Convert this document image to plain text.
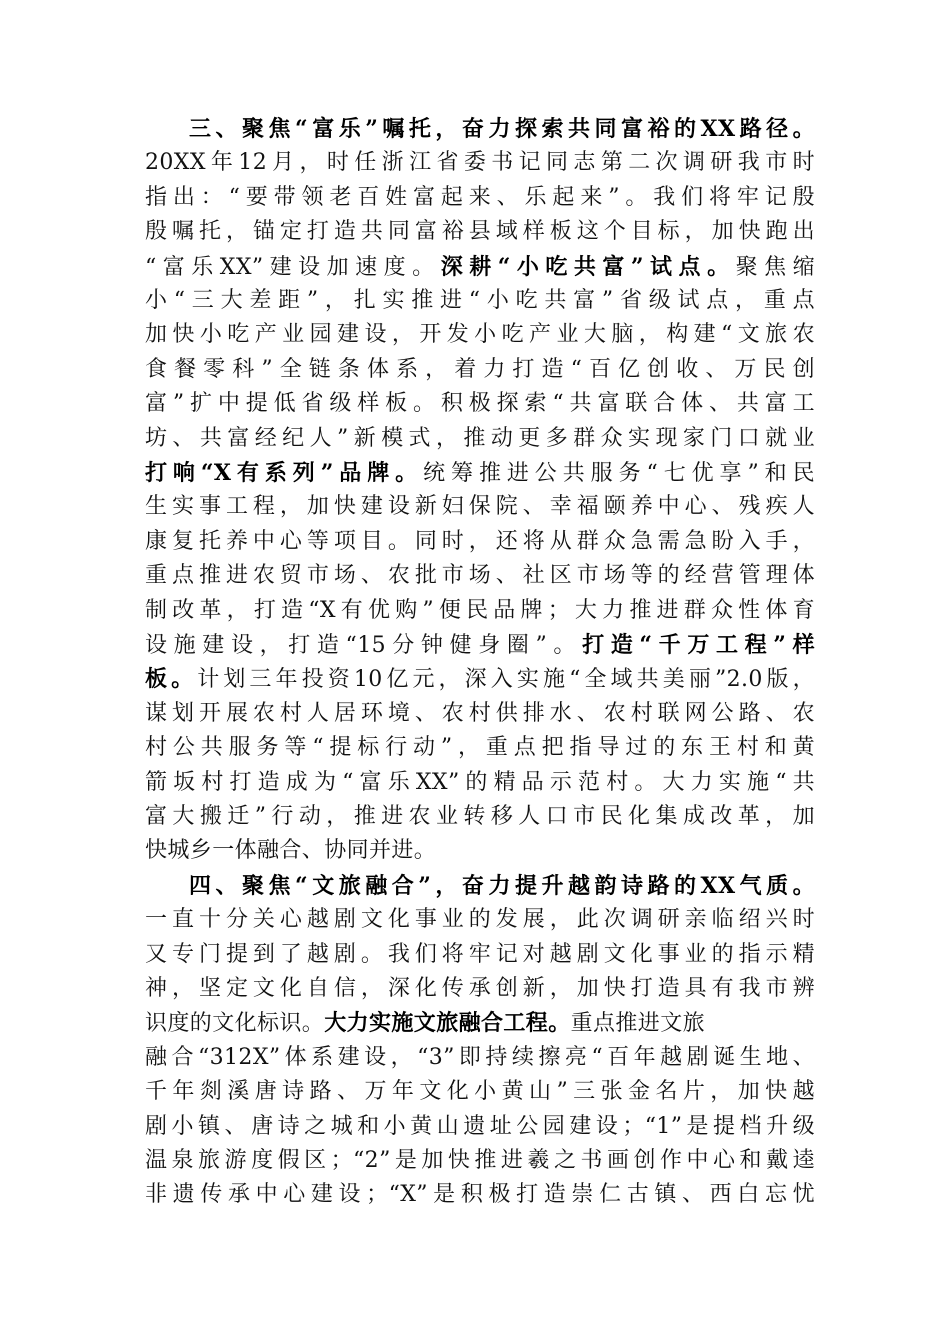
三、聚焦“富乐”嘱托，奋力探索共同富裕的XX路径。
20XX年12月，时任浙江省委书记同志第二次调研我市时
指出：“要带领老百姓富起来、乐起来”。我们将牢记殷
殷嘱托，锚定打造共同富裕县域样板这个目标，加快跑出
“富乐XX”建设加速度。深耕“小吃共富”试点。聚焦缩
小“三大差距”，扎实推进“小吃共富”省级试点，重点
加快小吃产业园建设，开发小吃产业大脑，构建“文旅农
食餐零科”全链条体系，着力打造“百亿创收、万民创
富”扩中提低省级样板。积极探索“共富联合体、共富工
坊、共富经纪人”新模式，推动更多群众实现家门口就业
打响“X有系列”品牌。统筹推进公共服务“七优享”和民
生实事工程，加快建设新妇保院、幸福颐养中心、残疾人
康复托养中心等项目。同时，还将从群众急需急盼入手，
重点推进农贸市场、农批市场、社区市场等的经营管理体
制改革，打造“X有优购”便民品牌；大力推进群众性体育
设施建设，打造“15分钟健身圈”。打造“千万工程”样
板。计划三年投资10亿元，深入实施“全域共美丽”2.0版，
谋划开展农村人居环境、农村供排水、农村联网公路、农
村公共服务等“提标行动”，重点把指导过的东王村和黄
箭坂村打造成为“富乐XX”的精品示范村。大力实施“共
富大搬迁”行动，推进农业转移人口市民化集成改革，加
快城乡一体融合、协同并进。
四、聚焦“文旅融合”，奋力提升越韵诗路的XX气质。
一直十分关心越剧文化事业的发展，此次调研亲临绍兴时
又专门提到了越剧。我们将牢记对越剧文化事业的指示精
神，坚定文化自信，深化传承创新，加快打造具有我市辨
识度的文化标识。大力实施文旅融合工程。重点推进文旅
融合“312X”体系建设，“3”即持续擦亮“百年越剧诞生地、
千年剡溪唐诗路、万年文化小黄山”三张金名片，加快越
剧小镇、唐诗之城和小黄山遗址公园建设；“1”是提档升级
温泉旅游度假区；“2”是加快推进羲之书画创作中心和戴逵
非遗传承中心建设；“X”是积极打造崇仁古镇、西白忘忧
